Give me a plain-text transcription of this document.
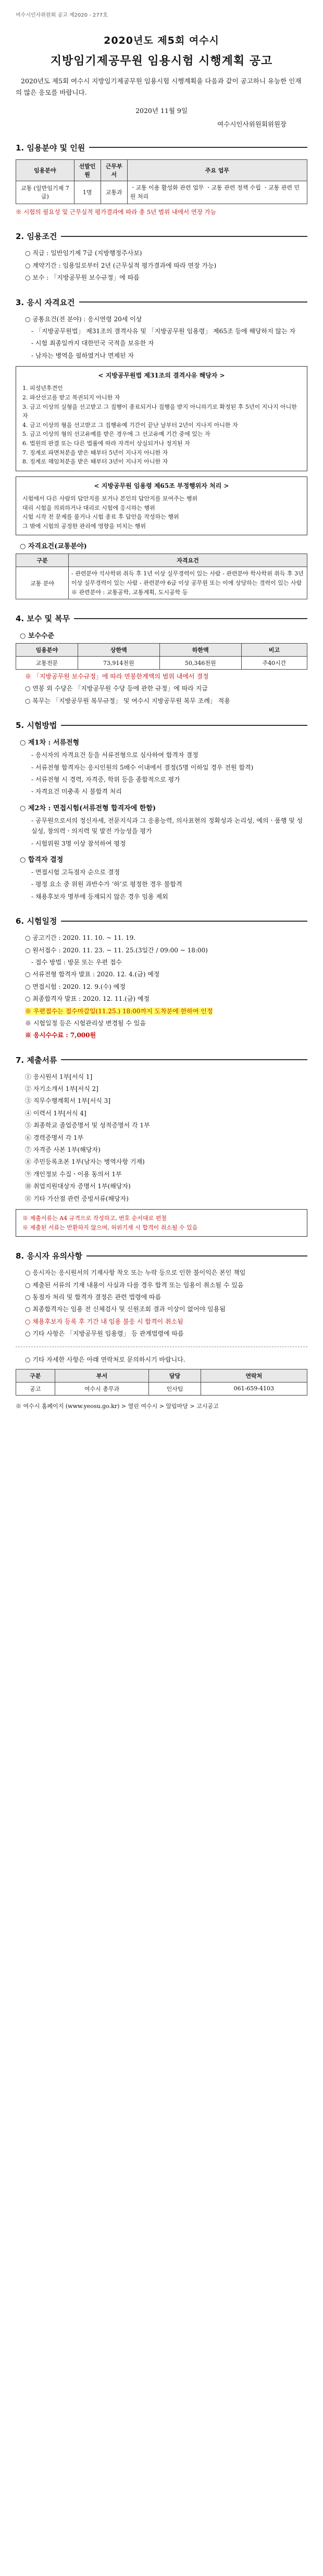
여수시인사위원회 공고 제2020 - 277호
2020년도 제5회 여수시
지방임기제공무원 임용시험 시행계획 공고
2020년도 제5회 여수시 지방임기제공무원 임용시험 시행계획을 다음과 같이 공고하니 유능한 인재의 많은 응모를 바랍니다.
2020년 11월 9일
여수시인사위원회위원장
1. 임용분야 및 인원
임용분야	선발인원	근무부서	주요 업무
교통 (일반임기제 7급)	1명	교통과	ㆍ교통 이용 활성화 관련 업무 ㆍ교통 관련 정책 수립 ㆍ교통 관련 민원 처리
※ 시험의 필요성 및 근무실적 평가결과에 따라 총 5년 범위 내에서 연장 가능
2. 임용조건
○ 직급 : 일반임기제 7급 (지방행정주사보)
○ 계약기간 : 임용일로부터 2년 (근무실적 평가결과에 따라 연장 가능)
○ 보수 : 「지방공무원 보수규정」에 따름
3. 응시 자격요건
○ 공통요건(전 분야) : 응시연령 20세 이상
- 「지방공무원법」 제31조의 결격사유 및 「지방공무원 임용령」 제65조 등에 해당하지 않는 자
- 시험 최종일까지 대한민국 국적을 보유한 자
- 남자는 병역을 필하였거나 면제된 자
< 지방공무원법 제31조의 결격사유 해당자 >
1. 피성년후견인
2. 파산선고를 받고 복권되지 아니한 자
3. 금고 이상의 실형을 선고받고 그 집행이 종료되거나 집행을 받지 아니하기로 확정된 후 5년이 지나지 아니한 자
4. 금고 이상의 형을 선고받고 그 집행유예 기간이 끝난 날부터 2년이 지나지 아니한 자
5. 금고 이상의 형의 선고유예를 받은 경우에 그 선고유예 기간 중에 있는 자
6. 법원의 판결 또는 다른 법률에 따라 자격이 상실되거나 정지된 자
7. 징계로 파면처분을 받은 때부터 5년이 지나지 아니한 자
8. 징계로 해임처분을 받은 때부터 3년이 지나지 아니한 자
< 지방공무원 임용령 제65조 부정행위자 처리 >
시험에서 다른 사람의 답안지를 보거나 본인의 답안지를 보여주는 행위
대리 시험을 의뢰하거나 대리로 시험에 응시하는 행위
시험 시작 전 문제를 풀거나 시험 종료 후 답안을 작성하는 행위
그 밖에 시험의 공정한 관리에 영향을 미치는 행위
○ 자격요건(교통분야)
구분	자격요건
교통 분야	- 관련분야 석사학위 취득 후 1년 이상 실무경력이 있는 사람 - 관련분야 학사학위 취득 후 3년 이상 실무경력이 있는 사람 - 관련분야 6급 이상 공무원 또는 이에 상당하는 경력이 있는 사람 ※ 관련분야 : 교통공학, 교통계획, 도시공학 등
4. 보수 및 복무
○ 보수수준
임용분야	상한액	하한액	비고
교통전문	73,914천원	50,346천원	주40시간
※ 「지방공무원 보수규정」에 따라 연봉한계액의 범위 내에서 결정
○ 연봉 외 수당은 「지방공무원 수당 등에 관한 규정」에 따라 지급
○ 복무는 「지방공무원 복무규정」 및 여수시 지방공무원 복무 조례」 적용
5. 시험방법
○ 제1차 : 서류전형
- 응시자의 자격요건 등을 서류전형으로 심사하여 합격자 결정
- 서류전형 합격자는 응시인원의 5배수 이내에서 결정(5명 이하일 경우 전원 합격)
- 서류전형 시 경력, 자격증, 학위 등을 종합적으로 평가
- 자격요건 미충족 시 불합격 처리
○ 제2차 : 면접시험(서류전형 합격자에 한함)
- 공무원으로서의 정신자세, 전문지식과 그 응용능력, 의사표현의 정확성과 논리성, 예의ㆍ품행 및 성실성, 창의력ㆍ의지력 및 발전 가능성을 평가
- 시험위원 3명 이상 참석하여 평정
○ 합격자 결정
- 면접시험 고득점자 순으로 결정
- 평정 요소 중 위원 과반수가 ‘하’로 평정한 경우 불합격
- 채용후보자 명부에 등재되지 않은 경우 임용 제외
6. 시험일정
○ 공고기간 : 2020. 11. 10. ~ 11. 19.
○ 원서접수 : 2020. 11. 23. ~ 11. 25.(3일간 / 09:00 ~ 18:00)
- 접수 방법 : 방문 또는 우편 접수
○ 서류전형 합격자 발표 : 2020. 12. 4.(금) 예정
○ 면접시험 : 2020. 12. 9.(수) 예정
○ 최종합격자 발표 : 2020. 12. 11.(금) 예정
※ 우편접수는 접수마감일(11.25.) 18:00까지 도착분에 한하여 인정
※ 시험일정 등은 시험관리상 변경될 수 있음
※ 응시수수료 : 7,000원
7. 제출서류
① 응시원서 1부[서식 1]
② 자기소개서 1부[서식 2]
③ 직무수행계획서 1부[서식 3]
④ 이력서 1부[서식 4]
⑤ 최종학교 졸업증명서 및 성적증명서 각 1부
⑥ 경력증명서 각 1부
⑦ 자격증 사본 1부(해당자)
⑧ 주민등록초본 1부(남자는 병역사항 기재)
⑨ 개인정보 수집ㆍ이용 동의서 1부
⑩ 취업지원대상자 증명서 1부(해당자)
⑪ 기타 가산점 관련 증빙서류(해당자)
※ 제출서류는 A4 규격으로 작성하고, 번호 순서대로 편철
※ 제출된 서류는 반환하지 않으며, 허위기재 시 합격이 취소될 수 있음
8. 응시자 유의사항
○ 응시자는 응시원서의 기재사항 착오 또는 누락 등으로 인한 불이익은 본인 책임
○ 제출된 서류의 기재 내용이 사실과 다를 경우 합격 또는 임용이 취소될 수 있음
○ 동점자 처리 및 합격자 결정은 관련 법령에 따름
○ 최종합격자는 임용 전 신체검사 및 신원조회 결과 이상이 없어야 임용됨
○ 채용후보자 등록 후 기간 내 임용 불응 시 합격이 취소됨
○ 기타 사항은 「지방공무원 임용령」 등 관계법령에 따름
○ 기타 자세한 사항은 아래 연락처로 문의하시기 바랍니다.
구분	부서	담당	연락처
공고	여수시 총무과	인사팀	061-659-4103
※ 여수시 홈페이지 (www.yeosu.go.kr) > 열린 여수시 > 알림마당 > 고시공고
